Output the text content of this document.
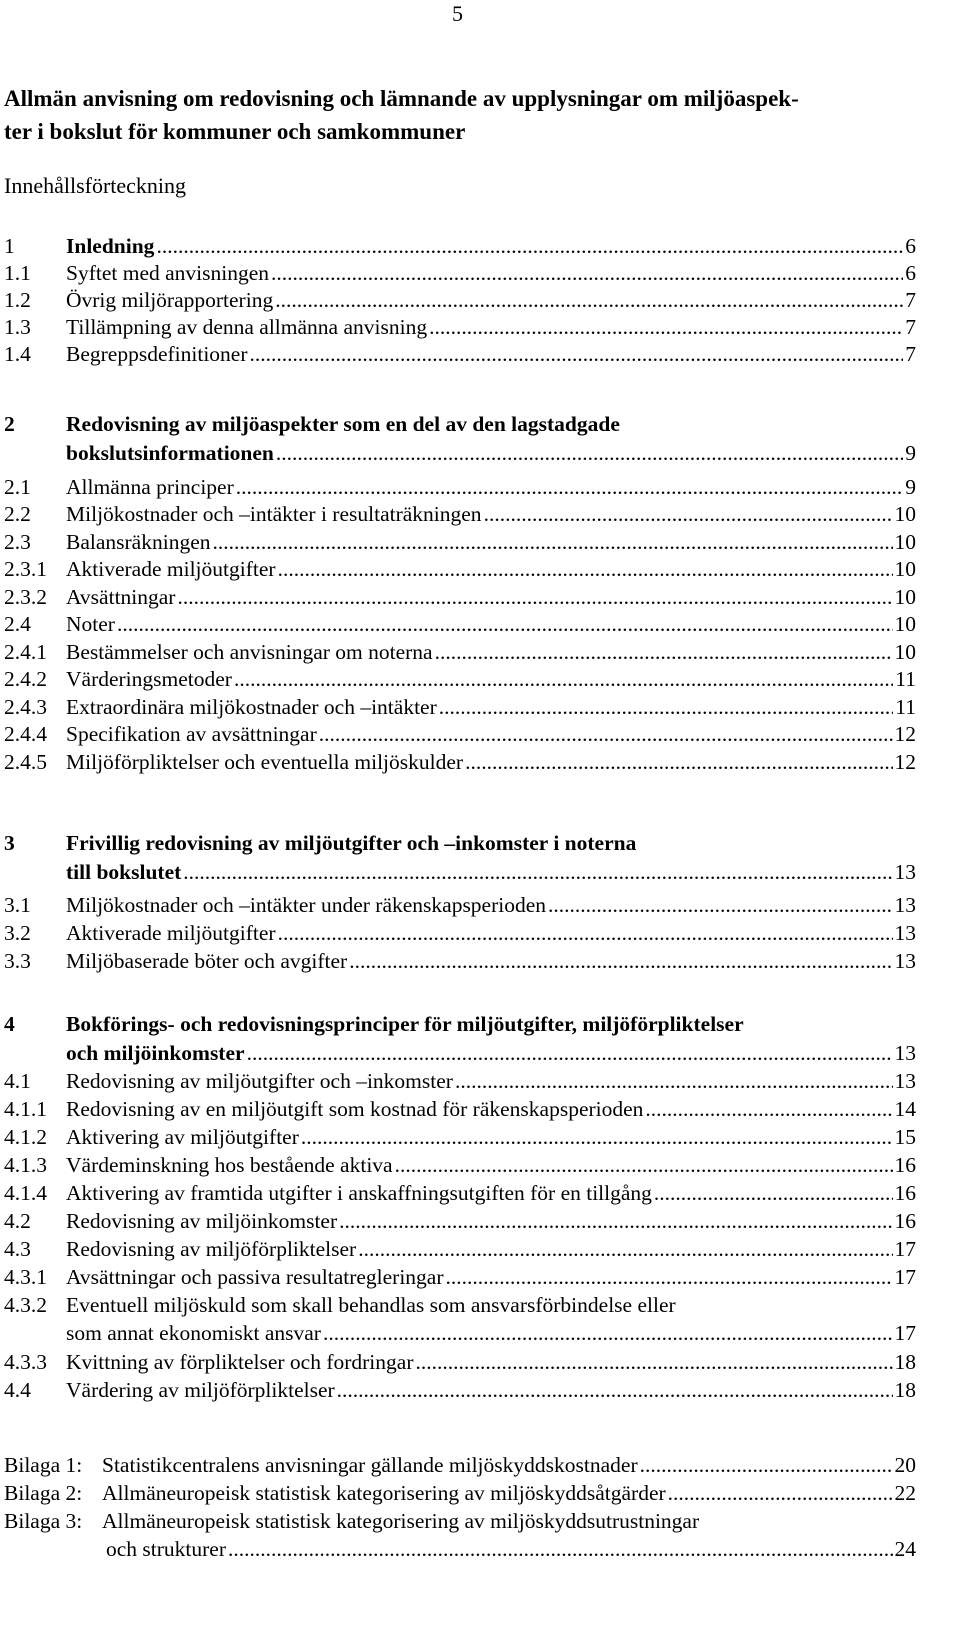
5
Allmän anvisning om redovisning och lämnande av upplysningar om miljöaspek-
ter i bokslut för kommuner och samkommuner
Innehållsförteckning
1 Inledning .....	6
1.1 Syftet med anvisningen .....	6
1.2 Övrig miljörapportering .....	7
1.3 Tillämpning av denna allmänna anvisning .....	7
1.4 Begreppsdefinitioner .....	7
2 Redovisning av miljöaspekter som en del av den lagstadgade
bokslutsinformationen .....	9
2.1 Allmänna principer .....	9
2.2 Miljökostnader och –intäkter i resultaträkningen .....	10
2.3 Balansräkningen .....	10
2.3.1 Aktiverade miljöutgifter .....	10
2.3.2 Avsättningar .....	10
2.4 Noter .....	10
2.4.1 Bestämmelser och anvisningar om noterna .....	10
2.4.2 Värderingsmetoder .....	11
2.4.3 Extraordinära miljökostnader och –intäkter .....	11
2.4.4 Specifikation av avsättningar .....	12
2.4.5 Miljöförpliktelser och eventuella miljöskulder .....	12
3 Frivillig redovisning av miljöutgifter och –inkomster i noterna
till bokslutet .....	13
3.1 Miljökostnader och –intäkter under räkenskapsperioden .....	13
3.2 Aktiverade miljöutgifter .....	13
3.3 Miljöbaserade böter och avgifter .....	13
4 Bokförings- och redovisningsprinciper för miljöutgifter, miljöförpliktelser
och miljöinkomster .....	13
4.1 Redovisning av miljöutgifter och –inkomster .....	13
4.1.1 Redovisning av en miljöutgift som kostnad för räkenskapsperioden .....	14
4.1.2 Aktivering av miljöutgifter .....	15
4.1.3 Värdeminskning hos bestående aktiva .....	16
4.1.4 Aktivering av framtida utgifter i anskaffningsutgiften för en tillgång .....	16
4.2 Redovisning av miljöinkomster .....	16
4.3 Redovisning av miljöförpliktelser .....	17
4.3.1 Avsättningar och passiva resultatregleringar .....	17
4.3.2 Eventuell miljöskuld som skall behandlas som ansvarsförbindelse eller
som annat ekonomiskt ansvar .....	17
4.3.3 Kvittning av förpliktelser och fordringar .....	18
4.4 Värdering av miljöförpliktelser .....	18
Bilaga 1: Statistikcentralens anvisningar gällande miljöskyddskostnader .....	20
Bilaga 2: Allmäneuropeisk statistisk kategorisering av miljöskyddsåtgärder .....	22
Bilaga 3: Allmäneuropeisk statistisk kategorisering av miljöskyddsutrustningar
och strukturer .....	24
